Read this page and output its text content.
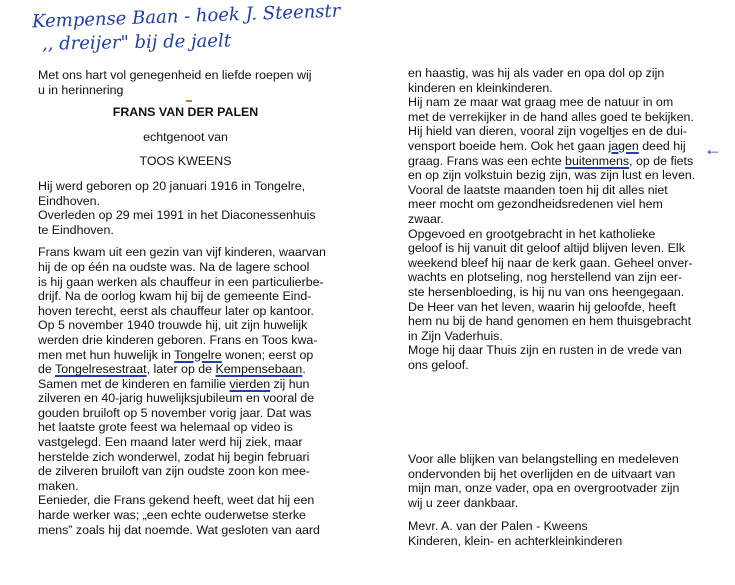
Kempense Baan - hoek J. Steenstr
,, dreijer" bij de jaelt
Met ons hart vol genegenheid en liefde roepen wij
u in herinnering
FRANS VAN DER PALEN
echtgenoot van
TOOS KWEENS
Hij werd geboren op 20 januari 1916 in Tongelre,
Eindhoven.
Overleden op 29 mei 1991 in het Diaconessenhuis
te Eindhoven.
Frans kwam uit een gezin van vijf kinderen, waarvan
hij de op één na oudste was. Na de lagere school
is hij gaan werken als chauffeur in een particulierbe-
drijf. Na de oorlog kwam hij bij de gemeente Eind-
hoven terecht, eerst als chauffeur later op kantoor.
Op 5 november 1940 trouwde hij, uit zijn huwelijk
werden drie kinderen geboren. Frans en Toos kwa-
men met hun huwelijk in Tongelre wonen; eerst op
de Tongelresestraat, later op de Kempensebaan.
Samen met de kinderen en familie vierden zij hun
zilveren en 40-jarig huwelijksjubileum en vooral de
gouden bruiloft op 5 november vorig jaar. Dat was
het laatste grote feest wa helemaal op video is
vastgelegd. Een maand later werd hij ziek, maar
herstelde zich wonderwel, zodat hij begin februari
de zilveren bruiloft van zijn oudste zoon kon mee-
maken.
Eenieder, die Frans gekend heeft, weet dat hij een
harde werker was; „een echte ouderwetse sterke
mens” zoals hij dat noemde. Wat gesloten van aard
en haastig, was hij als vader en opa dol op zijn
kinderen en kleinkinderen.
Hij nam ze maar wat graag mee de natuur in om
met de verrekijker in de hand alles goed te bekijken.
Hij hield van dieren, vooral zijn vogeltjes en de dui-
vensport boeide hem. Ook het gaan jagen deed hij
graag. Frans was een echte buitenmens, op de fiets
en op zijn volkstuin bezig zijn, was zijn lust en leven.
Vooral de laatste maanden toen hij dit alles niet
meer mocht om gezondheidsredenen viel hem
zwaar.
Opgevoed en grootgebracht in het katholieke
geloof is hij vanuit dit geloof altijd blijven leven. Elk
weekend bleef hij naar de kerk gaan. Geheel onver-
wachts en plotseling, nog herstellend van zijn eer-
ste hersenbloeding, is hij nu van ons heengegaan.
De Heer van het leven, waarin hij geloofde, heeft
hem nu bij de hand genomen en hem thuisgebracht
in Zijn Vaderhuis.
Moge hij daar Thuis zijn en rusten in de vrede van
ons geloof.
←
Voor alle blijken van belangstelling en medeleven
ondervonden bij het overlijden en de uitvaart van
mijn man, onze vader, opa en overgrootvader zijn
wij u zeer dankbaar.
Mevr. A. van der Palen - Kweens
Kinderen, klein- en achterkleinkinderen
